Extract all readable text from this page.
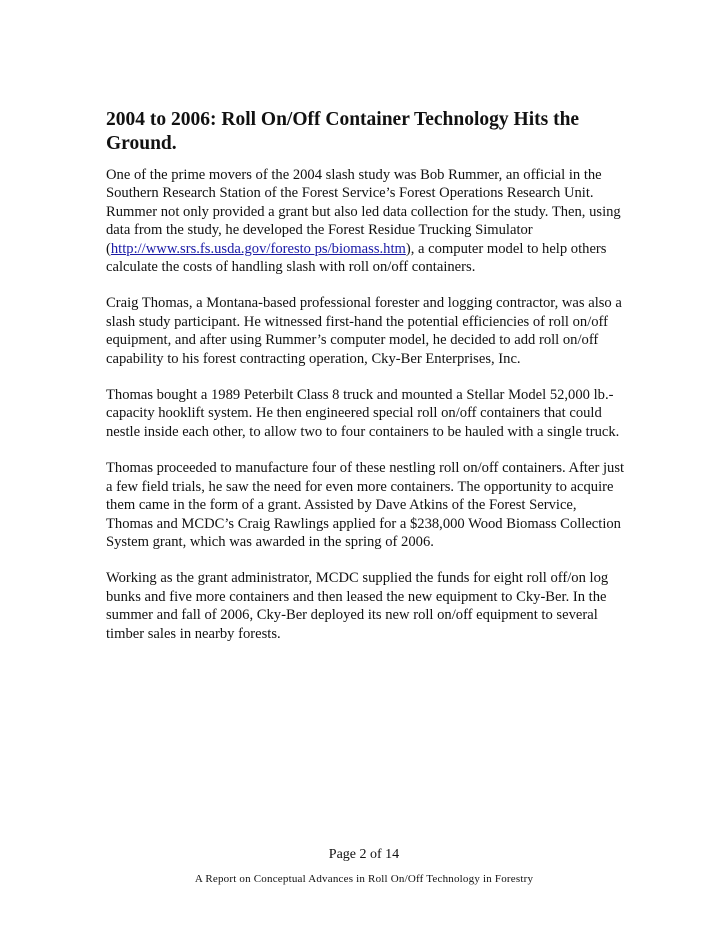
2004 to 2006: Roll On/Off Container Technology Hits the Ground.

One of the prime movers of the 2004 slash study was Bob Rummer, an official in the Southern Research Station of the Forest Service’s Forest Operations Research Unit. Rummer not only provided a grant but also led data collection for the study. Then, using data from the study, he developed the Forest Residue Trucking Simulator (http://www.srs.fs.usda.gov/foresto ps/biomass.htm), a computer model to help others calculate the costs of handling slash with roll on/off containers.

Craig Thomas, a Montana-based professional forester and logging contractor, was also a slash study participant. He witnessed first-hand the potential efficiencies of roll on/off equipment, and after using Rummer’s computer model, he decided to add roll on/off capability to his forest contracting operation, Cky-Ber Enterprises, Inc.

Thomas bought a 1989 Peterbilt Class 8 truck and mounted a Stellar Model 52,000 lb.-capacity hooklift system. He then engineered special roll on/off containers that could nestle inside each other, to allow two to four containers to be hauled with a single truck.

Thomas proceeded to manufacture four of these nestling roll on/off containers. After just a few field trials, he saw the need for even more containers. The opportunity to acquire them came in the form of a grant. Assisted by Dave Atkins of the Forest Service, Thomas and MCDC’s Craig Rawlings applied for a $238,000 Wood Biomass Collection System grant, which was awarded in the spring of 2006.

Working as the grant administrator, MCDC supplied the funds for eight roll off/on log bunks and five more containers and then leased the new equipment to Cky-Ber. In the summer and fall of 2006, Cky-Ber deployed its new roll on/off equipment to several timber sales in nearby forests.

Page 2 of 14
A Report on Conceptual Advances in Roll On/Off Technology in Forestry
